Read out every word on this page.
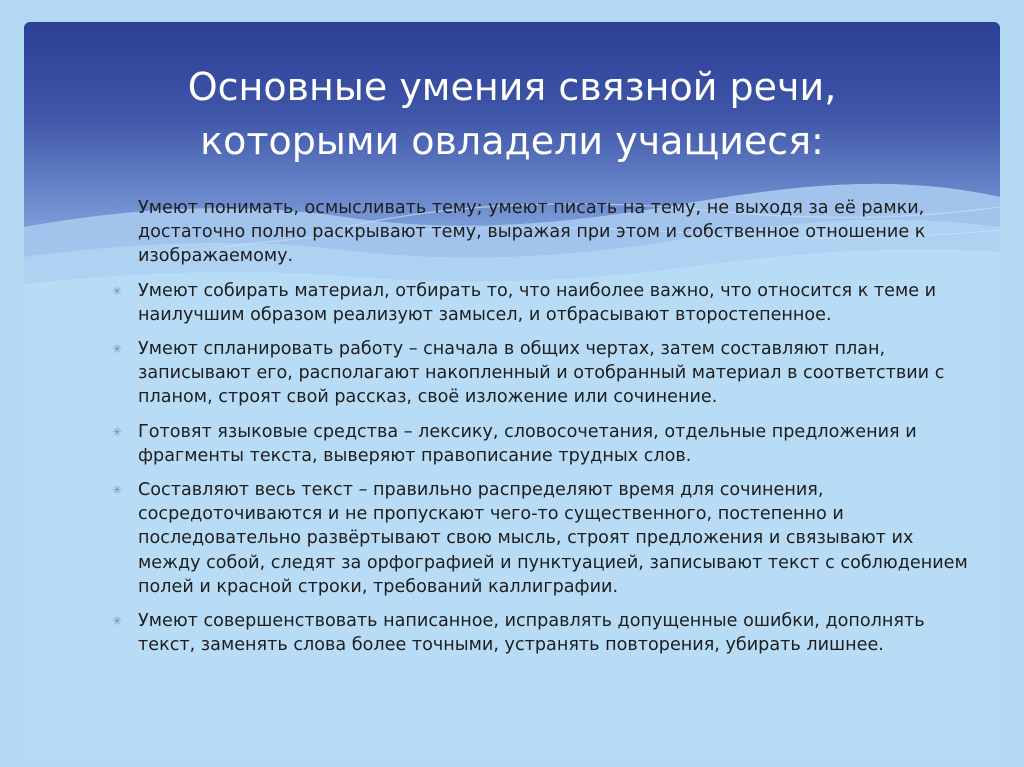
Основные умения связной речи,
которыми овладели учащиеся:
✳ Умеют понимать, осмысливать тему; умеют писать на тему, не выходя за её рамки, достаточно полно раскрывают тему, выражая при этом и собственное отношение к изображаемому.
✳ Умеют собирать материал, отбирать то, что наиболее важно, что относится к теме и наилучшим образом реализуют замысел, и отбрасывают второстепенное.
✳ Умеют спланировать работу – сначала в общих чертах, затем составляют план, записывают его, располагают накопленный и отобранный материал в соответствии с планом, строят свой рассказ, своё изложение или сочинение.
✳ Готовят языковые средства – лексику, словосочетания, отдельные предложения и фрагменты текста, выверяют правописание трудных слов.
✳ Составляют весь текст – правильно распределяют время для сочинения, сосредоточиваются и не пропускают чего-то существенного, постепенно и последовательно развёртывают свою мысль, строят предложения и связывают их между собой, следят за орфографией и пунктуацией, записывают текст с соблюдением полей и красной строки, требований каллиграфии.
✳ Умеют совершенствовать написанное, исправлять допущенные ошибки, дополнять текст, заменять слова более точными, устранять повторения, убирать лишнее.
